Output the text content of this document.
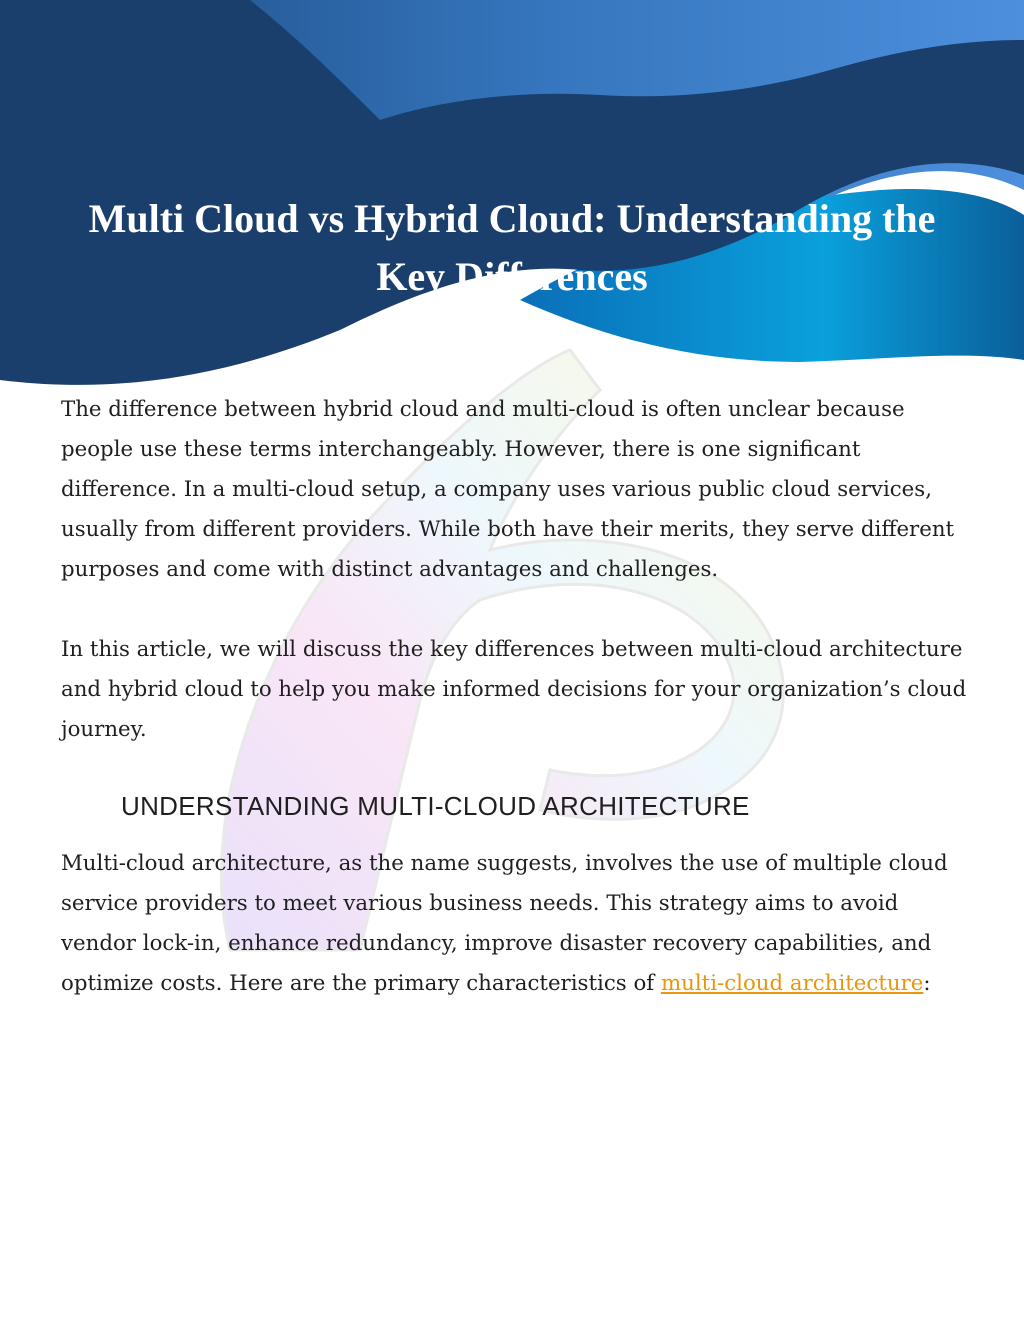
Multi Cloud vs Hybrid Cloud: Understanding the Key Differences

The difference between hybrid cloud and multi-cloud is often unclear because people use these terms interchangeably. However, there is one significant difference. In a multi-cloud setup, a company uses various public cloud services, usually from different providers. While both have their merits, they serve different purposes and come with distinct advantages and challenges.

In this article, we will discuss the key differences between multi-cloud architecture and hybrid cloud to help you make informed decisions for your organization’s cloud journey.

UNDERSTANDING MULTI-CLOUD ARCHITECTURE

Multi-cloud architecture, as the name suggests, involves the use of multiple cloud service providers to meet various business needs. This strategy aims to avoid vendor lock-in, enhance redundancy, improve disaster recovery capabilities, and optimize costs. Here are the primary characteristics of multi-cloud architecture:
